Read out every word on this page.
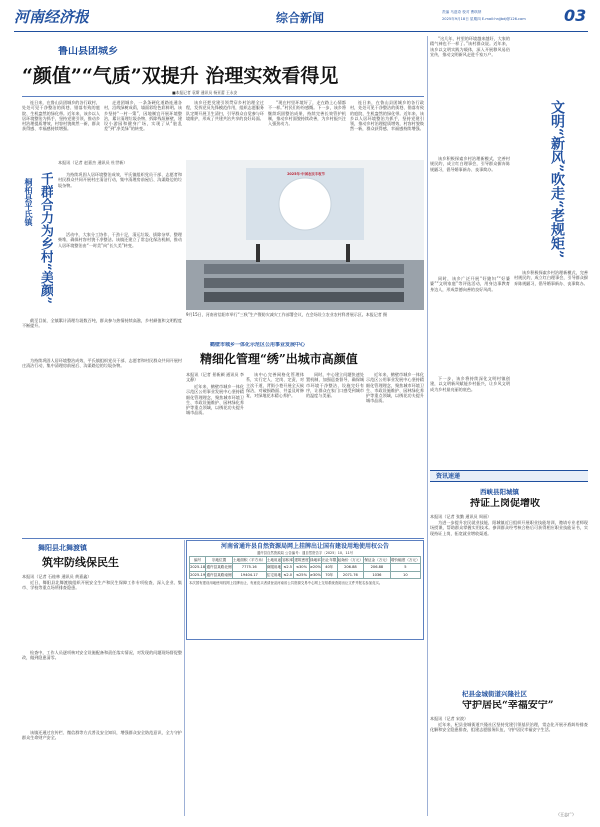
河南经济报	综合新闻	责编 马遂奇 校对 曹琪纳
2025年9月18日 星期四 E-mail:hnjjbdj@126.com	03
鲁山县团城乡
“颜值”“气质”双提升 治理实效看得见
■本报记者 袁斯 通讯员 杨亚蕾 王永安
连日来，在鲁山县团城乡的各行政村，处处可见干净整洁的街巷、错落有致的庭院、生机盎然的绿化带。近年来，该乡以人居环境整治为抓手，坚持党建引领，推动乡村治理提质增效，村容村貌焕然一新，群众获得感、幸福感持续增强。
走进团城乡，一条条硬化道路连通各村，沿线绿树成荫，墙面彩绘色彩鲜明。该乡坚持“一村一策”，因地制宜开展环境整治，累计清理垃圾杂物、拆除残垣断壁，建设小游园和健身广场，实现了从“脏乱差”到“净美绿”的转变。
该乡还把党建引领贯穿乡村治理全过程，发挥党员先锋模范作用，组织志愿服务队定期开展卫生清扫，引导群众自觉参与环境维护，形成了共建共治共享的良好局面。
“现在村里环境好了，走在路上心情都不一样。”村民们纷纷感慨。下一步，该乡将继续巩固整治成果，持续完善长效管护机制，推动乡村面貌持续改善，为乡村振兴注入强劲动力。
连日来，在鲁山县团城乡的各行政村，处处可见干净整洁的街巷、错落有致的庭院、生机盎然的绿化带。近年来，该乡以人居环境整治为抓手，坚持党建引领，推动乡村治理提质增效，村容村貌焕然一新，群众获得感、幸福感持续增强。
桐柏县平氏镇 千群合力为乡村“美颜”
本报讯（记者 赵嘉杰 通讯员 杜世新）
为持续巩固人居环境整治成效，平氏镇组织党员干部、志愿者和村民群众共同开展村庄清洁行动，集中清理房前屋后、沟渠路边的垃圾杂物。
活动中，大家分工协作、干劲十足，清运垃圾、拔除杂草、整理柴堆，确保村容村貌干净整洁。该镇还建立了常态化保洁机制，推动人居环境整治由“一时美”向“长久美”转变。
截至目前，全镇累计清理垃圾数百吨，群众参与热情持续高涨，乡村颜值和文明程度不断提升。
为持续巩固人居环境整治成效，平氏镇组织党员干部、志愿者和村民群众共同开展村庄清洁行动，集中清理房前屋后、沟渠路边的垃圾杂物。
2025年·中国农民丰收节
9月15日，河南省信阳市举行“三秋”生产暨防灾减灾工作部署会议，在会场设立农业农村科普展示区。本报记者 摄
鹤壁市城乡一体化示范区公用事业发展中心
精细化管理“绣”出城市高颜值
本报讯（记者 景新颜 通讯员 李文静）
近年来，鹤壁市城乡一体化示范区公用事业发展中心坚持精细化管理理念，聚焦城市环境卫生、市政设施维护、园林绿化养护等重点领域，以绣花功夫提升城市品质。
该中心完善网格化管理体系，实行定人、定岗、定责，对主次干道、背街小巷开展全天候保洁，对破损路面、井盖及时修复，对绿地花木精心养护。
同时，中心建立问题快速处置机制，加强巡查督导，确保城市环境干净整洁、设施完好有序，让群众在家门口感受到城市的温度与美丽。
近年来，鹤壁市城乡一体化示范区公用事业发展中心坚持精细化管理理念，聚焦城市环境卫生、市政设施维护、园林绿化养护等重点领域，以绣花功夫提升城市品质。
河南省通许县自然资源局网上挂牌出让国有建设用地使用权公告
通许县自然资源局 公告编号：通自然资告字〔2025〕10、11号
编号	宗地位置	土地面积（平方米）	土地用途	容积率	建筑密度	绿地率	出让年限	起始价（万元）	保证金（万元）	增价幅度（万元）
2025-18	通许县某路北侧	7775.16	商服用地	≤2.5	≤30%	≥20%	40年	206.88	206.88	5
2025-19	通许县某路南侧	19404.17	住宅用地	≤2.0	≤25%	≥30%	70年	2071.76	1036	10
本次国有建设用地使用权网上挂牌出让，有意竞买者请登录河南省公共资源交易中心网上交易系统查阅出让文件并报名参加竞买。
舞阳县北舞渡镇
筑牢防线保民生
本报讯（记者 石桂林 通讯员 黄嘉鑫）
近日，舞阳县北舞渡镇组织开展安全生产和民生保障工作专项检查，深入企业、集市、学校等重点场所排查隐患。
检查中，工作人员逐项核对安全设施配备和责任落实情况，对发现的问题现场督促整改，做到隐患清零。
该镇还通过宣传栏、微信群等方式普及安全知识，增强群众安全防范意识，全力守护群众生命财产安全。
“这几年，村里的环境越来越好，大家的精气神也不一样了。”该村群众说。近年来，该乡以文明实践为载体，深入开展移风易俗宣传，推动文明新风走进千家万户。
该乡积极探索乡村治理新模式，完善村规民约，成立红白理事会，引导群众摒弃陈规陋习，倡导婚事新办、丧事简办。
同时，该乡广泛开展“好媳妇”“好婆婆”“文明家庭”等评选活动，用身边事教育身边人，形成崇德向善的良好风尚。
下一步，该乡将持续深化文明村镇创建，以文明新风赋能乡村振兴，让乡风文明成为乡村最亮丽的底色。
文明“新风”吹走“老规矩”
该乡积极探索乡村治理新模式，完善村规民约，成立红白理事会，引导群众摒弃陈规陋习，倡导婚事新办、丧事简办。
资讯速递
西峡县阳城镇
持证上岗促增收
本报讯（记者 张勤 通讯员 周丽）
为进一步提升农民就业技能，阳城镇近日组织开展职业技能培训，邀请专业老师现场授课，帮助群众掌握实用技术。参训群众经考核合格后可获得相应职业技能证书，实现持证上岗，拓宽就业增收渠道。
杞县金城街道兴隆社区
守护居民“幸福安宁”
本报讯（记者 宋波）
近年来，杞县金城街道兴隆社区坚持党建引领基层治理，常态化开展矛盾纠纷排查化解和安全隐患排查，组建志愿服务队伍，守护居民幸福安宁生活。
（王志广）
